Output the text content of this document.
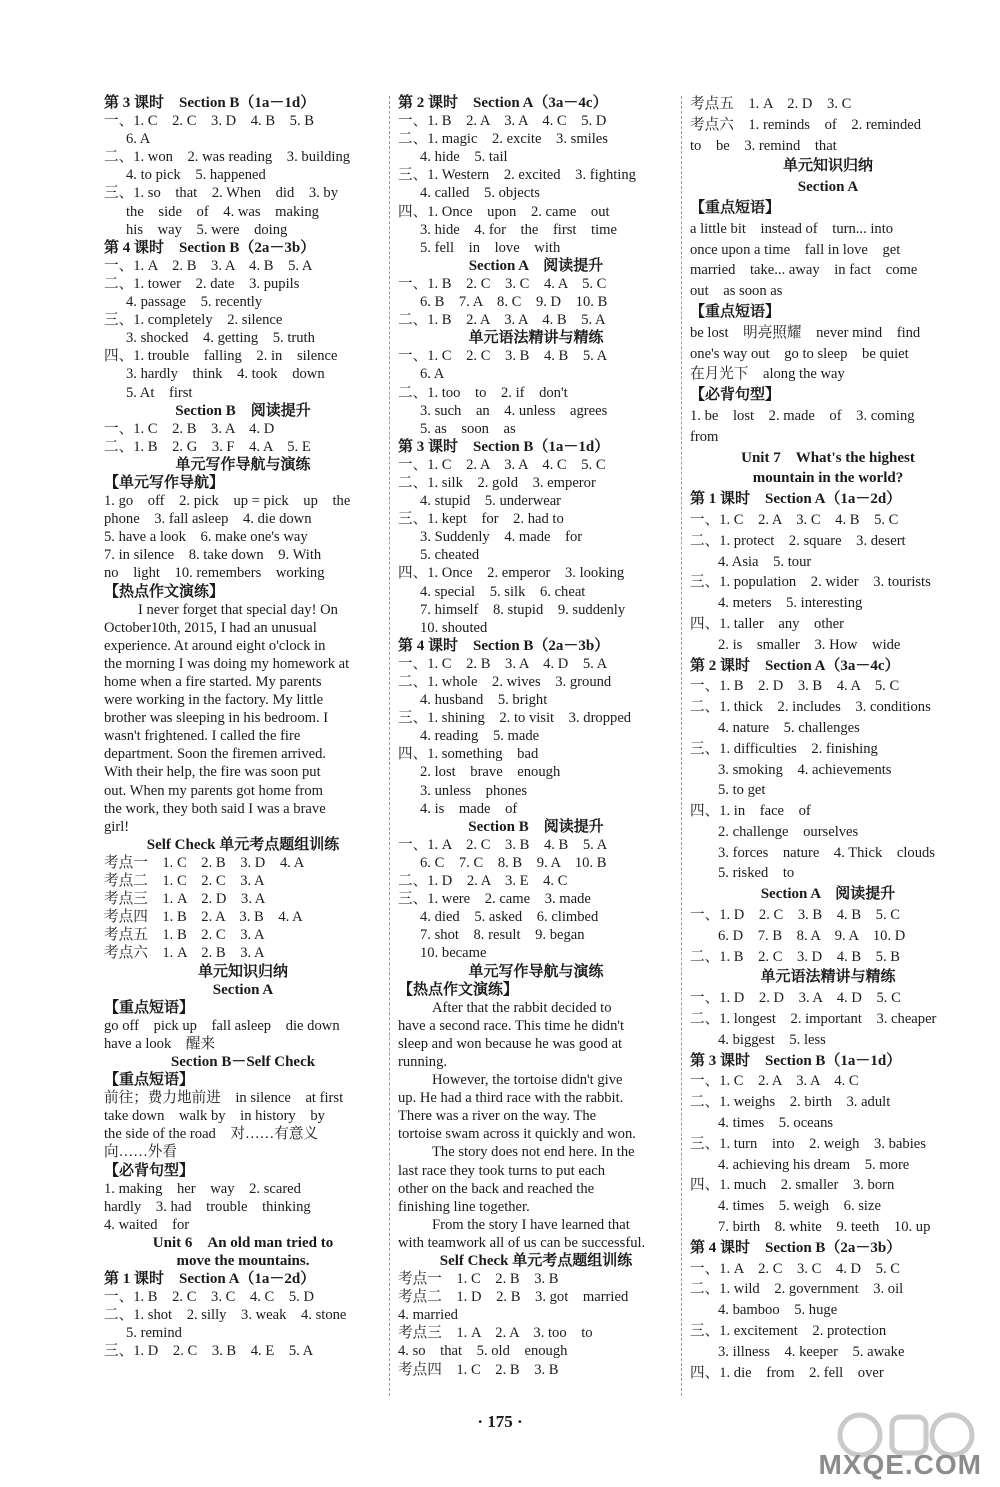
第 3 课时　Section B（1a－1d）
一、1. C　2. C　3. D　4. B　5. B
6. A
二、1. won　2. was reading　3. building
4. to pick　5. happened
三、1. so　that　2. When　did　3. by
the　side　of　4. was　making
his　way　5. were　doing
第 4 课时　Section B（2a－3b）
一、1. A　2. B　3. A　4. B　5. A
二、1. tower　2. date　3. pupils
4. passage　5. recently
三、1. completely　2. silence
3. shocked　4. getting　5. truth
四、1. trouble　falling　2. in　silence
3. hardly　think　4. took　down
5. At　first
Section B　阅读提升
一、1. C　2. B　3. A　4. D
二、1. B　2. G　3. F　4. A　5. E
单元写作导航与演练
【单元写作导航】
1. go　off　2. pick　up = pick　up　the
phone　3. fall asleep　4. die down
5. have a look　6. make one's way
7. in silence　8. take down　9. With
no　light　10. remembers　working
【热点作文演练】
I never forget that special day! On
October10th, 2015, I had an unusual
experience. At around eight o'clock in
the morning I was doing my homework at
home when a fire started. My parents
were working in the factory. My little
brother was sleeping in his bedroom. I
wasn't frightened. I called the fire
department. Soon the firemen arrived.
With their help, the fire was soon put
out. When my parents got home from
the work, they both said I was a brave
girl!
Self Check 单元考点题组训练
考点一　1. C　2. B　3. D　4. A
考点二　1. C　2. C　3. A
考点三　1. A　2. D　3. A
考点四　1. B　2. A　3. B　4. A
考点五　1. B　2. C　3. A
考点六　1. A　2. B　3. A
单元知识归纳
Section A
【重点短语】
go off　pick up　fall asleep　die down
have a look　醒来
Section B－Self Check
【重点短语】
前往；费力地前进　in silence　at first
take down　walk by　in history　by
the side of the road　对……有意义
向……外看
【必背句型】
1. making　her　way　2. scared
hardly　3. had　trouble　thinking
4. waited　for
Unit 6　An old man tried to
move the mountains.
第 1 课时　Section A（1a－2d）
一、1. B　2. C　3. C　4. C　5. D
二、1. shot　2. silly　3. weak　4. stone
5. remind
三、1. D　2. C　3. B　4. E　5. A
第 2 课时　Section A（3a－4c）
一、1. B　2. A　3. A　4. C　5. D
二、1. magic　2. excite　3. smiles
4. hide　5. tail
三、1. Western　2. excited　3. fighting
4. called　5. objects
四、1. Once　upon　2. came　out
3. hide　4. for　the　first　time
5. fell　in　love　with
Section A　阅读提升
一、1. B　2. C　3. C　4. A　5. C
6. B　7. A　8. C　9. D　10. B
二、1. B　2. A　3. A　4. B　5. A
单元语法精讲与精练
一、1. C　2. C　3. B　4. B　5. A
6. A
二、1. too　to　2. if　don't
3. such　an　4. unless　agrees
5. as　soon　as
第 3 课时　Section B（1a－1d）
一、1. C　2. A　3. A　4. C　5. C
二、1. silk　2. gold　3. emperor
4. stupid　5. underwear
三、1. kept　for　2. had to
3. Suddenly　4. made　for
5. cheated
四、1. Once　2. emperor　3. looking
4. special　5. silk　6. cheat
7. himself　8. stupid　9. suddenly
10. shouted
第 4 课时　Section B（2a－3b）
一、1. C　2. B　3. A　4. D　5. A
二、1. whole　2. wives　3. ground
4. husband　5. bright
三、1. shining　2. to visit　3. dropped
4. reading　5. made
四、1. something　bad
2. lost　brave　enough
3. unless　phones
4. is　made　of
Section B　阅读提升
一、1. A　2. C　3. B　4. B　5. A
6. C　7. C　8. B　9. A　10. B
二、1. D　2. A　3. E　4. C
三、1. were　2. came　3. made
4. died　5. asked　6. climbed
7. shot　8. result　9. began
10. became
单元写作导航与演练
【热点作文演练】
After that the rabbit decided to
have a second race. This time he didn't
sleep and won because he was good at
running.
However, the tortoise didn't give
up. He had a third race with the rabbit.
There was a river on the way. The
tortoise swam across it quickly and won.
The story does not end here. In the
last race they took turns to put each
other on the back and reached the
finishing line together.
From the story I have learned that
with teamwork all of us can be successful.
Self Check 单元考点题组训练
考点一　1. C　2. B　3. B
考点二　1. D　2. B　3. got　married
4. married
考点三　1. A　2. A　3. too　to
4. so　that　5. old　enough
考点四　1. C　2. B　3. B
考点五　1. A　2. D　3. C
考点六　1. reminds　of　2. reminded
to　be　3. remind　that
单元知识归纳
Section A
【重点短语】
a little bit　instead of　turn... into
once upon a time　fall in love　get
married　take... away　in fact　come
out　as soon as
【重点短语】
be lost　明亮照耀　never mind　find
one's way out　go to sleep　be quiet
在月光下　along the way
【必背句型】
1. be　lost　2. made　of　3. coming
from
Unit 7　What's the highest
mountain in the world?
第 1 课时　Section A（1a－2d）
一、1. C　2. A　3. C　4. B　5. C
二、1. protect　2. square　3. desert
4. Asia　5. tour
三、1. population　2. wider　3. tourists
4. meters　5. interesting
四、1. taller　any　other
2. is　smaller　3. How　wide
第 2 课时　Section A（3a－4c）
一、1. B　2. D　3. B　4. A　5. C
二、1. thick　2. includes　3. conditions
4. nature　5. challenges
三、1. difficulties　2. finishing
3. smoking　4. achievements
5. to get
四、1. in　face　of
2. challenge　ourselves
3. forces　nature　4. Thick　clouds
5. risked　to
Section A　阅读提升
一、1. D　2. C　3. B　4. B　5. C
6. D　7. B　8. A　9. A　10. D
二、1. B　2. C　3. D　4. B　5. B
单元语法精讲与精练
一、1. D　2. D　3. A　4. D　5. C
二、1. longest　2. important　3. cheaper
4. biggest　5. less
第 3 课时　Section B（1a－1d）
一、1. C　2. A　3. A　4. C
二、1. weighs　2. birth　3. adult
4. times　5. oceans
三、1. turn　into　2. weigh　3. babies
4. achieving his dream　5. more
四、1. much　2. smaller　3. born
4. times　5. weigh　6. size
7. birth　8. white　9. teeth　10. up
第 4 课时　Section B（2a－3b）
一、1. A　2. C　3. C　4. D　5. C
二、1. wild　2. government　3. oil
4. bamboo　5. huge
三、1. excitement　2. protection
3. illness　4. keeper　5. awake
四、1. die　from　2. fell　over
· 175 ·
MXQE.COM
